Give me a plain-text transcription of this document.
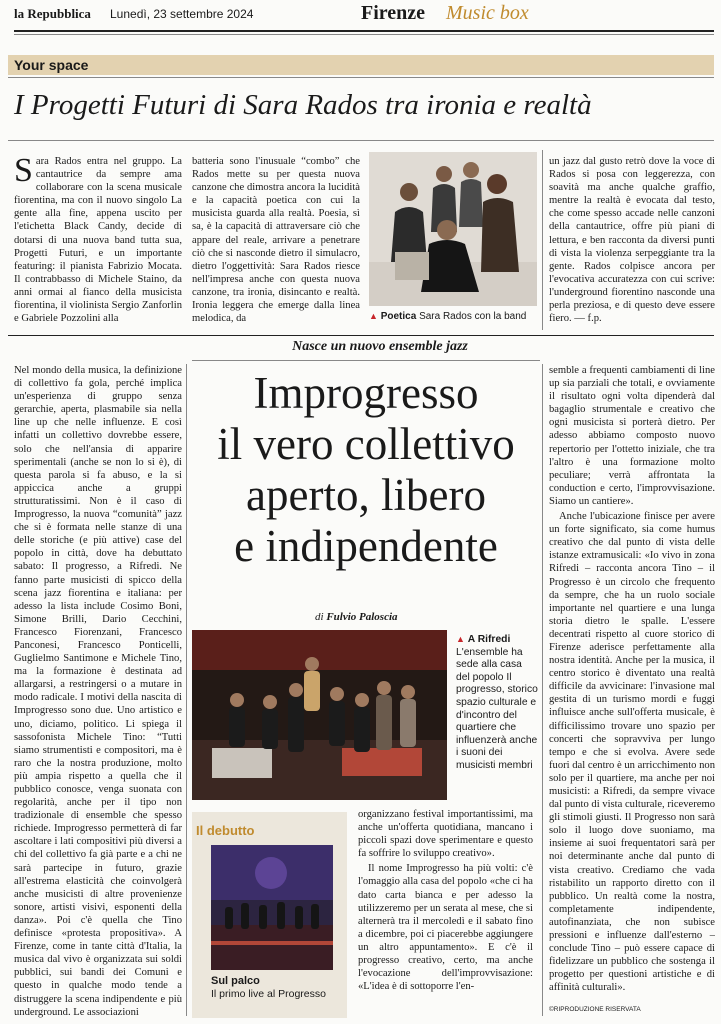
la Repubblica Lunedì, 23 settembre 2024	Firenze Music box
Your space
I Progetti Futuri di Sara Rados tra ironia e realtà

Sara Rados entra nel gruppo. La cantautrice da sempre ama collaborare con la scena musicale fiorentina, ma con il nuovo singolo La gente alla fine, appena uscito per l'etichetta Black Candy, decide di dotarsi di una nuova band tutta sua, Progetti Futuri, e un importante featuring: il pianista Fabrizio Mocata. Il contrabbasso di Michele Staino, da anni ormai al fianco della musicista fiorentina, il violinista Sergio Zanforlin e Gabriele Pozzolini alla

batteria sono l'inusuale “combo” che Rados mette su per questa nuova canzone che dimostra ancora la lucidità e la capacità poetica con cui la musicista guarda alla realtà. Poesia, sì sa, è la capacità di attraversare ciò che appare del reale, arrivare a penetrare ciò che si nasconde dietro il simulacro, dietro l'oggettività: Sara Rados riesce nell'impresa anche con questa nuova canzone, tra ironia, disincanto e realtà. Ironia leggera che emerge dalla linea melodica, da	▲ Poetica Sara Rados con la band

un jazz dal gusto retrò dove la voce di Rados si posa con leggerezza, con soavità ma anche qualche graffio, mentre la realtà è evocata dal testo, che come spesso accade nelle canzoni della cantautrice, offre più piani di lettura, e ben racconta da diversi punti di vista la violenza serpeggiante tra la gente. Rados colpisce ancora per l'evocativa accuratezza con cui scrive: l'underground fiorentino nasconde una perla preziosa, e di questo deve essere fiero. — f.p.

Nasce un nuovo ensemble jazz

Nel mondo della musica, la definizione di collettivo fa gola, perché implica un'esperienza di gruppo senza gerarchie, aperta, plasmabile sia nella line up che nelle influenze. E così infatti un collettivo dovrebbe essere, solo che nell'ansia di apparire sperimentali (anche se non lo si è), di questa parola si fa abuso, e la si appiccica anche a gruppi strutturatissimi. Non è il caso di Improgresso, la nuova “comunità” jazz che si è formata nelle stanze di una delle storiche (e più attive) case del popolo in città, dove ha debuttato sabato: Il progresso, a Rifredi. Ne fanno parte musicisti di spicco della scena jazz fiorentina e italiana: per adesso la lista include Cosimo Boni, Simone Brilli, Dario Cecchini, Francesco Fiorenzani, Francesco Panconesi, Francesco Ponticelli, Guglielmo Santimone e Michele Tino, ma la formazione è destinata ad allargarsi, a restringersi o a mutare in modo radicale. I motivi della nascita di Improgresso sono due. Uno artistico e uno, diciamo, politico. Li spiega il sassofonista Michele Tino: “Tutti siamo strumentisti e compositori, ma è raro che la nostra produzione, molto più ampia rispetto a quella che il pubblico conosce, venga suonata con regolarità, anche per il tipo non tradizionale di ensemble che spesso richiede. Improgresso permetterà di far ascoltare i lati compositivi più diversi a chi del collettivo fa già parte e a chi ne sarà partecipe in futuro, grazie all'estrema elasticità che coinvolgerà anche musicisti di altre provenienze sonore, artisti visivi, esponenti della danza». Poi c'è quella che Tino definisce «protesta propositiva». A Firenze, come in tante città d'Italia, la musica dal vivo è organizzata sui soldi pubblici, sui bandi dei Comuni e questo in qualche modo tende a distruggere la scena indipendente e più underground. Le associazioni

Improgresso
il vero collettivo
aperto, libero
e indipendente
di Fulvio Paloscia
▲ A Rifredi
L'ensemble ha sede alla casa del popolo Il progresso, storico spazio culturale e d'incontro del quartiere che influenzerà anche i suoni dei musicisti membri
Il debutto
Sul palco
Il primo live al Progresso

organizzano festival importantissimi, ma anche un'offerta quotidiana, mancano i piccoli spazi dove sperimentare e questo fa soffrire lo sviluppo creativo».

Il nome Improgresso ha più volti: c'è l'omaggio alla casa del popolo «che ci ha dato carta bianca e per adesso la utilizzeremo per un serata al mese, che si alternerà tra il mercoledì e il sabato fino a dicembre, poi ci piacerebbe aggiungere un altro appuntamento». E c'è il progresso creativo, certo, ma anche l'evocazione dell'improvvisazione: «L'idea è di sottoporre l'en-

semble a frequenti cambiamenti di line up sia parziali che totali, e ovviamente il risultato ogni volta dipenderà dal bagaglio strumentale e creativo che ogni musicista si porterà dietro. Per adesso abbiamo composto nuovo repertorio per l'ottetto iniziale, che tra l'altro è una formazione molto peculiare; verrà affrontata la conduction e certo, l'improvvisazione. Siamo un cantiere».

Anche l'ubicazione finisce per avere un forte significato, sia come humus creativo che dal punto di vista delle istanze extramusicali: «Io vivo in zona Rifredi – racconta ancora Tino – il Progresso è un circolo che frequento da sempre, che ha un ruolo sociale importante nel quartiere e una lunga storia dietro le spalle. L'essere decentrati rispetto al cuore storico di Firenze aderisce perfettamente alla nostra identità. Anche per la musica, il centro storico è diventato una realtà difficile da avvicinare: l'invasione mal gestita di un turismo mordi e fuggi influisce anche sull'offerta musicale, è difficilissimo trovare uno spazio per concerti che sopravviva per lungo tempo e che si evolva. Avere sede fuori dal centro è un arricchimento non solo per il quartiere, ma anche per noi musicisti: a Rifredi, da sempre vivace dal punto di vista culturale, riceveremo gli stimoli giusti. Il Progresso non sarà solo il luogo dove suoniamo, ma insieme ai suoi frequentatori sarà per noi determinante anche dal punto di vista creativo. Crediamo che vada ristabilito un rapporto diretto con il pubblico. Un realtà come la nostra, completamente indipendente, autofinanziata, che non subisce pressioni e influenze dall'esterno – conclude Tino – può essere capace di fidelizzare un pubblico che sostenga il progetto per questioni artistiche e di affinità culturali».

©RIPRODUZIONE RISERVATA
